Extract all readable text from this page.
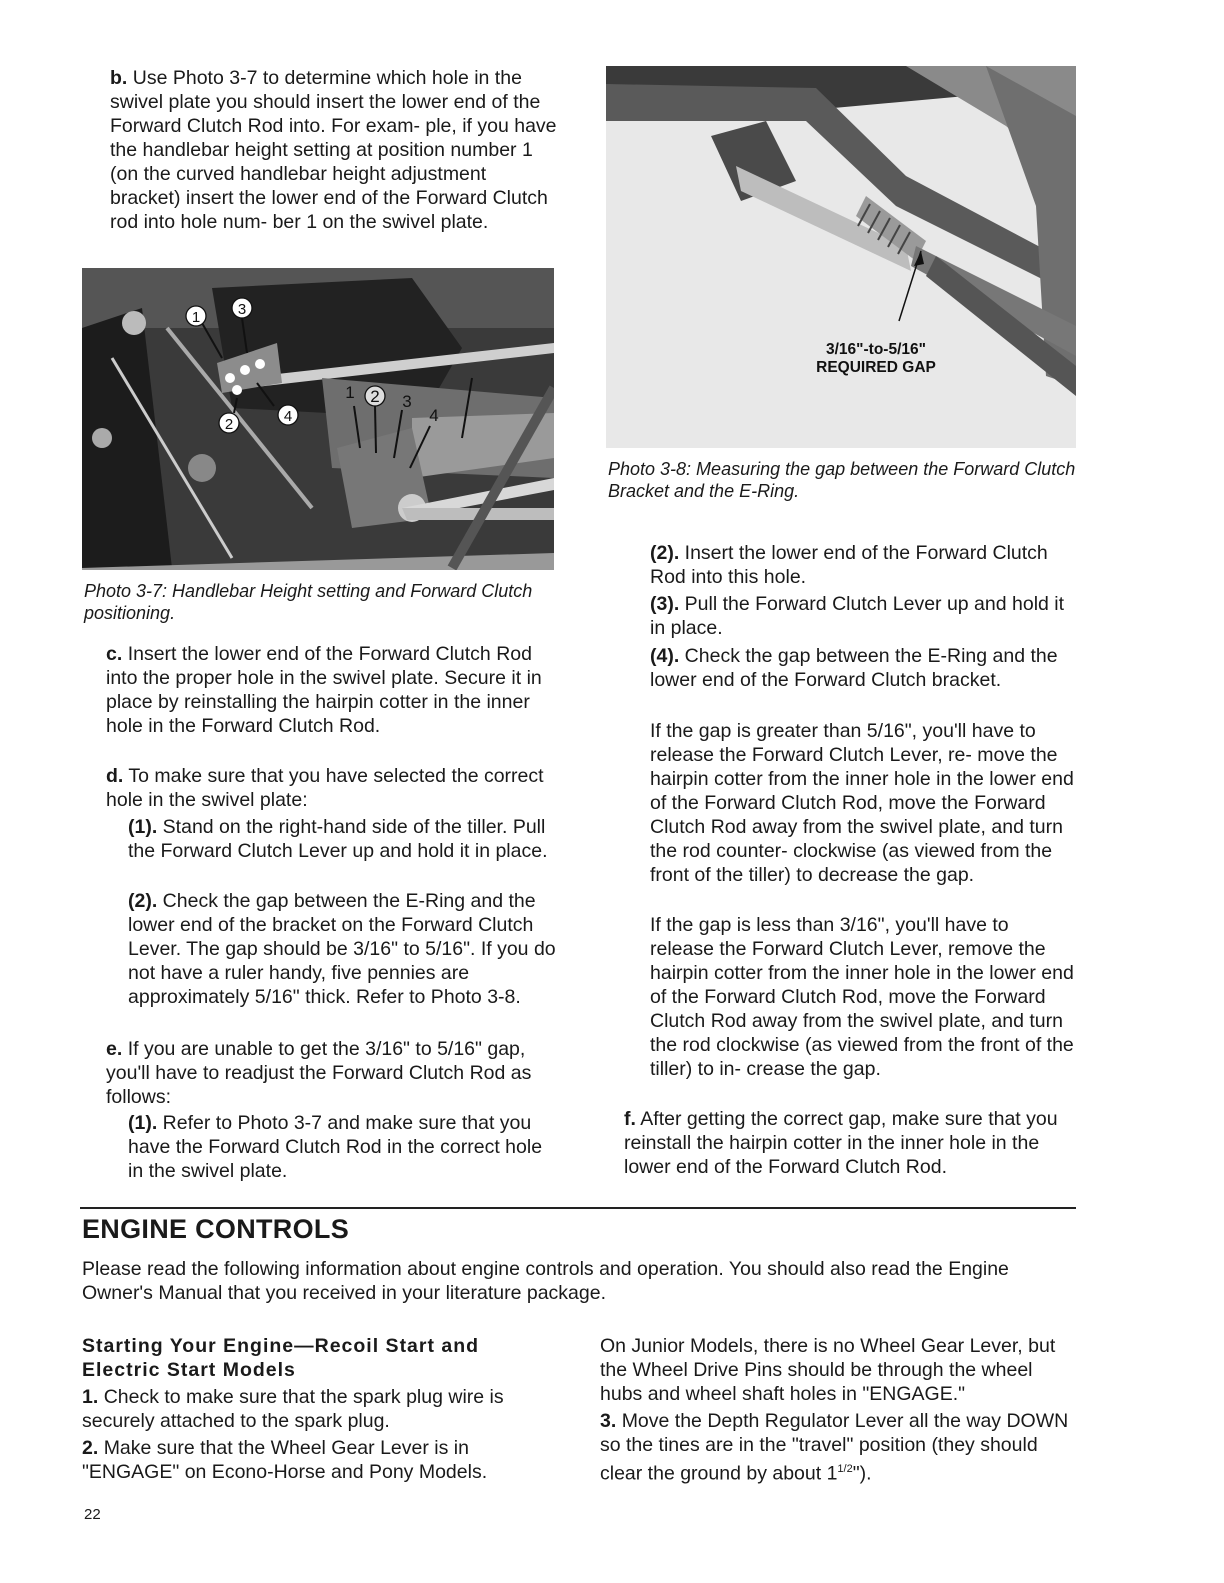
b. Use Photo 3-7 to determine which hole in the swivel plate you should insert the lower end of the Forward Clutch Rod into. For exam- ple, if you have the handlebar height setting at position number 1 (on the curved handlebar height adjustment bracket) insert the lower end of the Forward Clutch rod into hole num- ber 1 on the swivel plate.

1	3
2	4
1 2 3
4

Photo 3-7: Handlebar Height setting and Forward Clutch positioning.

c. Insert the lower end of the Forward Clutch Rod into the proper hole in the swivel plate. Secure it in place by reinstalling the hairpin cotter in the inner hole in the Forward Clutch Rod.

d. To make sure that you have selected the correct hole in the swivel plate:

(1). Stand on the right-hand side of the tiller. Pull the Forward Clutch Lever up and hold it in place.

(2). Check the gap between the E-Ring and the lower end of the bracket on the Forward Clutch Lever. The gap should be 3/16" to 5/16". If you do not have a ruler handy, five pennies are approximately 5/16" thick. Refer to Photo 3-8.

e. If you are unable to get the 3/16" to 5/16" gap, you'll have to readjust the Forward Clutch Rod as follows:

(1). Refer to Photo 3-7 and make sure that you have the Forward Clutch Rod in the correct hole in the swivel plate.

3/16"-to-5/16"
REQUIRED GAP

Photo 3-8: Measuring the gap between the Forward Clutch Bracket and the E-Ring.

(2). Insert the lower end of the Forward Clutch Rod into this hole.

(3). Pull the Forward Clutch Lever up and hold it in place.

(4). Check the gap between the E-Ring and the lower end of the Forward Clutch bracket.

If the gap is greater than 5/16", you'll have to release the Forward Clutch Lever, re- move the hairpin cotter from the inner hole in the lower end of the Forward Clutch Rod, move the Forward Clutch Rod away from the swivel plate, and turn the rod counter- clockwise (as viewed from the front of the tiller) to decrease the gap.

If the gap is less than 3/16", you'll have to release the Forward Clutch Lever, remove the hairpin cotter from the inner hole in the lower end of the Forward Clutch Rod, move the Forward Clutch Rod away from the swivel plate, and turn the rod clockwise (as viewed from the front of the tiller) to in- crease the gap.

f. After getting the correct gap, make sure that you reinstall the hairpin cotter in the inner hole in the lower end of the Forward Clutch Rod.

ENGINE CONTROLS

Please read the following information about engine controls and operation. You should also read the Engine Owner's Manual that you received in your literature package.

Starting Your Engine—Recoil Start and Electric Start Models

1. Check to make sure that the spark plug wire is securely attached to the spark plug.

2. Make sure that the Wheel Gear Lever is in "ENGAGE" on Econo-Horse and Pony Models.

On Junior Models, there is no Wheel Gear Lever, but the Wheel Drive Pins should be through the wheel hubs and wheel shaft holes in "ENGAGE."

3. Move the Depth Regulator Lever all the way DOWN so the tines are in the "travel" position (they should clear the ground by about $1^{1/2}$").

22
